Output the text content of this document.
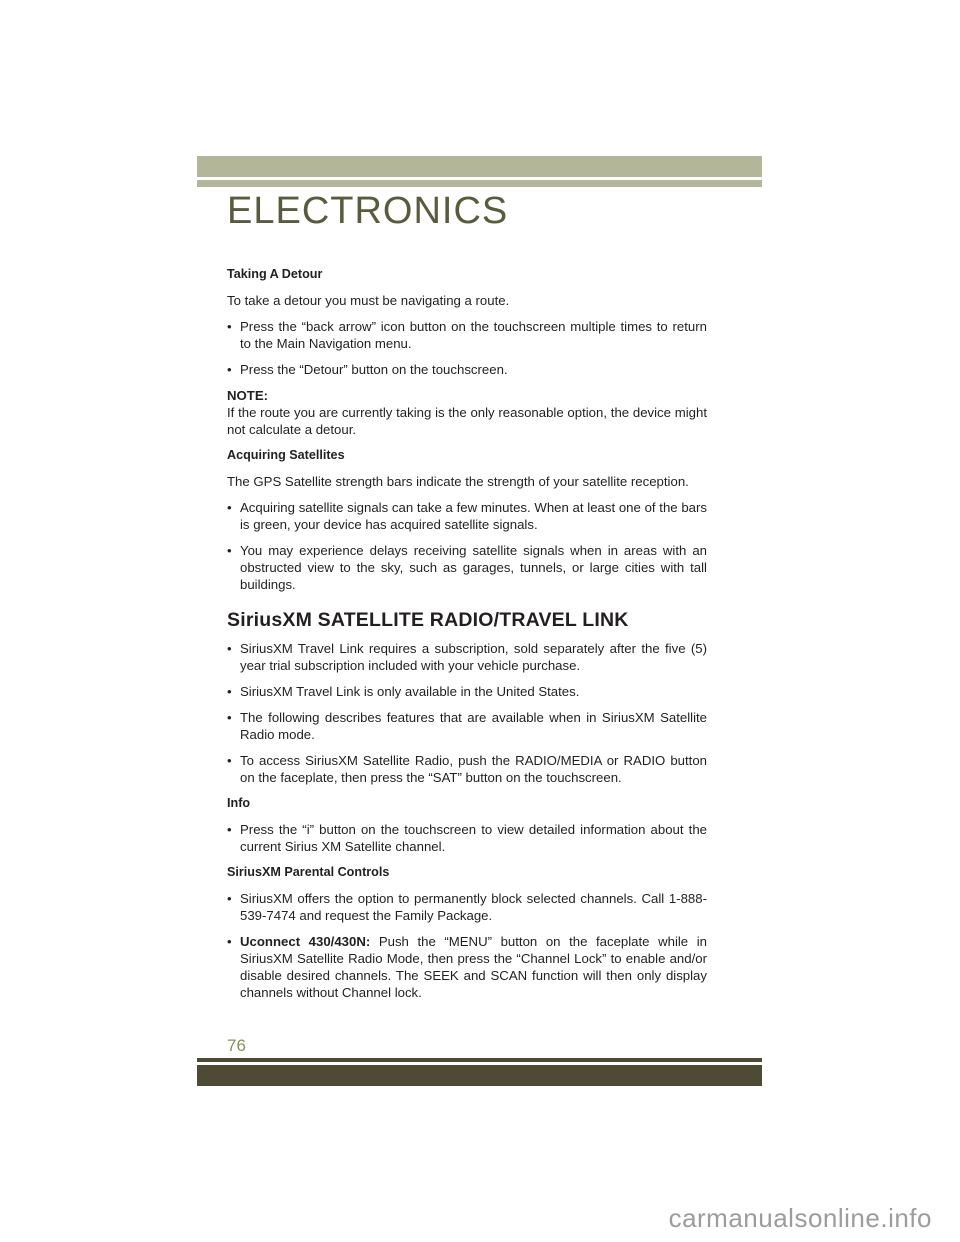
ELECTRONICS

Taking A Detour

To take a detour you must be navigating a route.

• Press the “back arrow” icon button on the touchscreen multiple times to return to the Main Navigation menu.
• Press the “Detour” button on the touchscreen.

NOTE:

If the route you are currently taking is the only reasonable option, the device might not calculate a detour.

Acquiring Satellites

The GPS Satellite strength bars indicate the strength of your satellite reception.

• Acquiring satellite signals can take a few minutes. When at least one of the bars is green, your device has acquired satellite signals.
• You may experience delays receiving satellite signals when in areas with an obstructed view to the sky, such as garages, tunnels, or large cities with tall buildings.

SiriusXM SATELLITE RADIO/TRAVEL LINK

• SiriusXM Travel Link requires a subscription, sold separately after the five (5) year trial subscription included with your vehicle purchase.
• SiriusXM Travel Link is only available in the United States.
• The following describes features that are available when in SiriusXM Satellite Radio mode.
• To access SiriusXM Satellite Radio, push the RADIO/MEDIA or RADIO button on the faceplate, then press the “SAT” button on the touchscreen.

Info

• Press the “i” button on the touchscreen to view detailed information about the current Sirius XM Satellite channel.

SiriusXM Parental Controls

• SiriusXM offers the option to permanently block selected channels. Call 1-888-539-7474 and request the Family Package.
• Uconnect 430/430N: Push the “MENU” button on the faceplate while in SiriusXM Satellite Radio Mode, then press the “Channel Lock” to enable and/or disable desired channels. The SEEK and SCAN function will then only display channels without Channel lock.
76
carmanualsonline.info
